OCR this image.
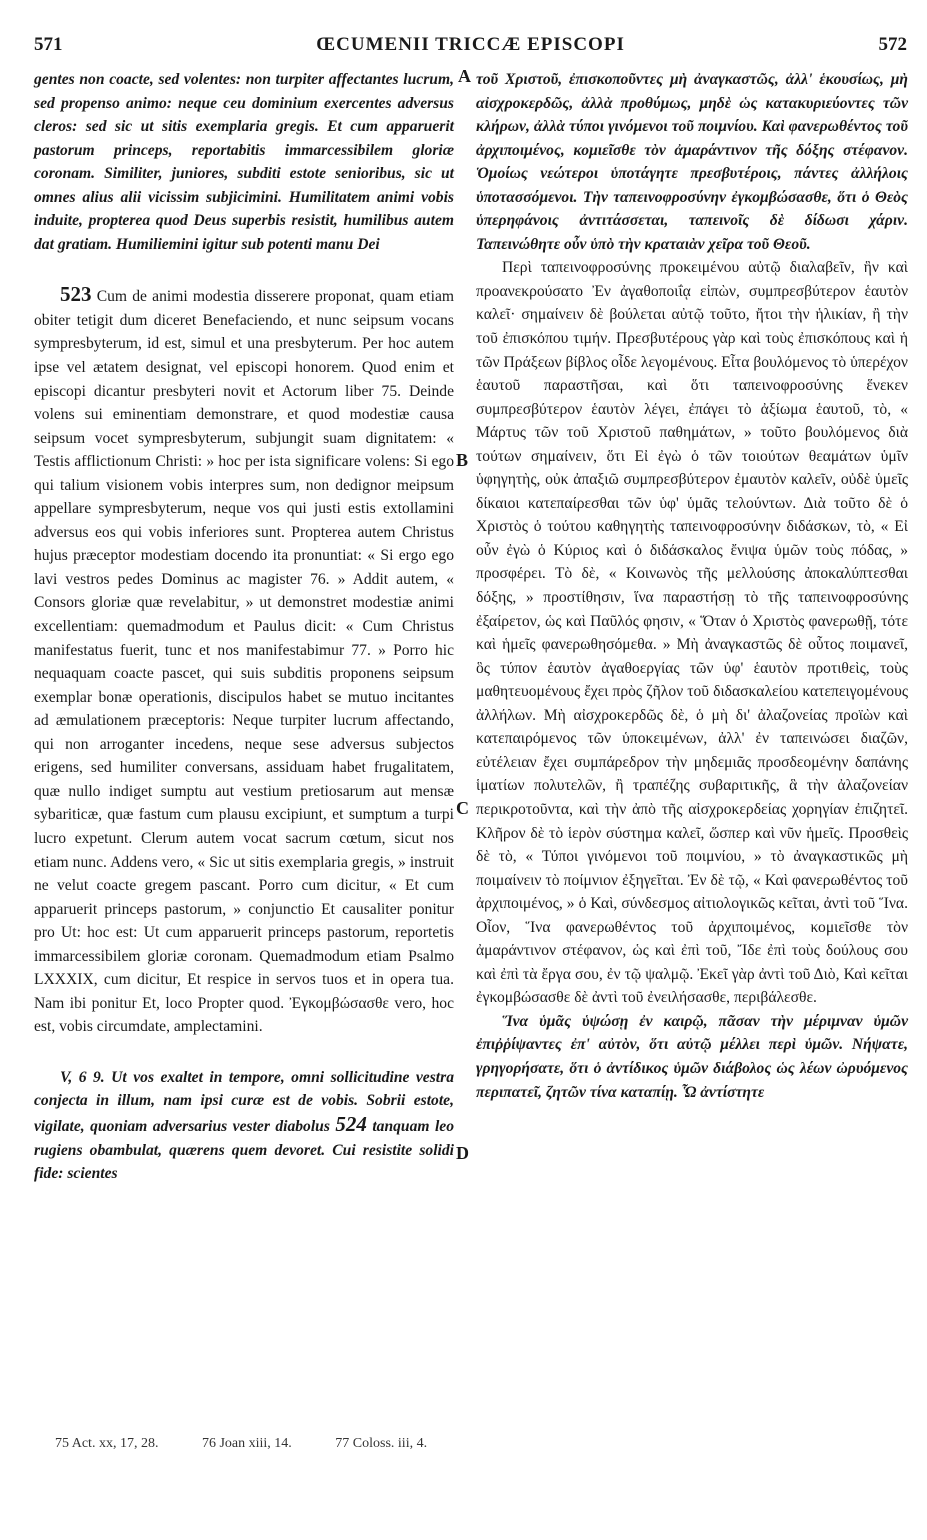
571	ŒCUMENII TRICCÆ EPISCOPI	572

gentes non coacte, sed volentes: non turpiter affectantes lucrum, sed propenso animo: neque ceu dominium exercentes adversus cleros: sed sic ut sitis exemplaria gregis. Et cum apparuerit pastorum princeps, reportabitis immarcessibilem gloriæ coronam. Similiter, juniores, subditi estote senioribus, sic ut omnes alius alii vicissim subjicimini. Humilitatem animi vobis induite, propterea quod Deus superbis resistit, humilibus autem dat gratiam. Humiliemini igitur sub potenti manu Dei

523 Cum de animi modestia disserere proponat, quam etiam obiter tetigit dum diceret Benefaciendo, et nunc seipsum vocans sympresbyterum, id est, simul et una presbyterum. Per hoc autem ipse vel ætatem designat, vel episcopi honorem. Quod enim et episcopi dicantur presbyteri novit et Actorum liber 75. Deinde volens sui eminentiam demonstrare, et quod modestiæ causa seipsum vocet sympresbyterum, subjungit suam dignitatem: « Testis afflictionum Christi: » hoc per ista significare volens: Si ego qui talium visionem vobis interpres sum, non dedignor meipsum appellare sympresbyterum, neque vos qui justi estis extollamini adversus eos qui vobis inferiores sunt. Propterea autem Christus hujus præceptor modestiam docendo ita pronuntiat: « Si ergo ego lavi vestros pedes Dominus ac magister 76. » Addit autem, « Consors gloriæ quæ revelabitur, » ut demonstret modestiæ animi excellentiam: quemadmodum et Paulus dicit: « Cum Christus manifestatus fuerit, tunc et nos manifestabimur 77. » Porro hic nequaquam coacte pascet, qui suis subditis proponens seipsum exemplar bonæ operationis, discipulos habet se mutuo incitantes ad æmulationem præceptoris: Neque turpiter lucrum affectando, qui non arroganter incedens, neque sese adversus subjectos erigens, sed humiliter conversans, assiduam habet frugalitatem, quæ nullo indiget sumptu aut vestium pretiosarum aut mensæ sybariticæ, quæ fastum cum plausu excipiunt, et sumptum a turpi lucro expetunt. Clerum autem vocat sacrum cœtum, sicut nos etiam nunc. Addens vero, « Sic ut sitis exemplaria gregis, » instruit ne velut coacte gregem pascant. Porro cum dicitur, « Et cum apparuerit princeps pastorum, » conjunctio Et causaliter ponitur pro Ut: hoc est: Ut cum apparuerit princeps pastorum, reportetis immarcessibilem gloriæ coronam. Quemadmodum etiam Psalmo LXXXIX, cum dicitur, Et respice in servos tuos et in opera tua. Nam ibi ponitur Et, loco Propter quod. Ἐγκομβώσασθε vero, hoc est, vobis circumdate, amplectamini.

V, 6 9. Ut vos exaltet in tempore, omni sollicitudine vestra conjecta in illum, nam ipsi curæ est de vobis. Sobrii estote, vigilate, quoniam adversarius vester diabolus 524 tanquam leo rugiens obambulat, quærens quem devoret. Cui resistite solidi fide: scientes

A
B
C
D

τοῦ Χριστοῦ, ἐπισκοποῦντες μὴ ἀναγκαστῶς, ἀλλ' ἑκουσίως, μὴ αἰσχροκερδῶς, ἀλλὰ προθύμως, μηδὲ ὡς κατακυριεύοντες τῶν κλήρων, ἀλλὰ τύποι γινόμενοι τοῦ ποιμνίου. Καὶ φανερωθέντος τοῦ ἀρχιποιμένος, κομιεῖσθε τὸν ἀμαράντινον τῆς δόξης στέφανον. Ὁμοίως νεώτεροι ὑποτάγητε πρεσβυτέροις, πάντες ἀλλήλοις ὑποτασσόμενοι. Τὴν ταπεινοφροσύνην ἐγκομβώσασθε, ὅτι ὁ Θεὸς ὑπερηφάνοις ἀντιτάσσεται, ταπεινοῖς δὲ δίδωσι χάριν. Ταπεινώθητε οὖν ὑπὸ τὴν κραταιὰν χεῖρα τοῦ Θεοῦ.

Περὶ ταπεινοφροσύνης προκειμένου αὐτῷ διαλαβεῖν, ἣν καὶ προανεκρούσατο Ἐν ἀγαθοποιΐᾳ εἰπὼν, συμπρεσβύτερον ἑαυτὸν καλεῖ· σημαίνειν δὲ βούλεται αὐτῷ τοῦτο, ἤτοι τὴν ἡλικίαν, ἢ τὴν τοῦ ἐπισκόπου τιμήν. Πρεσβυτέρους γὰρ καὶ τοὺς ἐπισκόπους καὶ ἡ τῶν Πράξεων βίβλος οἶδε λεγομένους. Εἶτα βουλόμενος τὸ ὑπερέχον ἑαυτοῦ παραστῆσαι, καὶ ὅτι ταπεινοφροσύνης ἕνεκεν συμπρεσβύτερον ἑαυτὸν λέγει, ἐπάγει τὸ ἀξίωμα ἑαυτοῦ, τὸ, « Μάρτυς τῶν τοῦ Χριστοῦ παθημάτων, » τοῦτο βουλόμενος διὰ τούτων σημαίνειν, ὅτι Εἰ ἐγὼ ὁ τῶν τοιούτων θεαμάτων ὑμῖν ὑφηγητὴς, οὐκ ἀπαξιῶ συμπρεσβύτερον ἐμαυτὸν καλεῖν, οὐδὲ ὑμεῖς δίκαιοι κατεπαίρεσθαι τῶν ὑφ' ὑμᾶς τελούντων. Διὰ τοῦτο δὲ ὁ Χριστὸς ὁ τούτου καθηγητὴς ταπεινοφροσύνην διδάσκων, τὸ, « Εἰ οὖν ἐγὼ ὁ Κύριος καὶ ὁ διδάσκαλος ἔνιψα ὑμῶν τοὺς πόδας, » προσφέρει. Τὸ δὲ, « Κοινωνὸς τῆς μελλούσης ἀποκαλύπτεσθαι δόξης, » προστίθησιν, ἵνα παραστήσῃ τὸ τῆς ταπεινοφροσύνης ἐξαίρετον, ὡς καὶ Παῦλός φησιν, « Ὅταν ὁ Χριστὸς φανερωθῇ, τότε καὶ ἡμεῖς φανερωθησόμεθα. » Μὴ ἀναγκαστῶς δὲ οὗτος ποιμανεῖ, ὃς τύπον ἑαυτὸν ἀγαθοεργίας τῶν ὑφ' ἑαυτὸν προτιθεὶς, τοὺς μαθητευομένους ἔχει πρὸς ζῆλον τοῦ διδασκαλείου κατεπειγομένους ἀλλήλων. Μὴ αἰσχροκερδῶς δὲ, ὁ μὴ δι' ἀλαζονείας προϊὼν καὶ κατεπαιρόμενος τῶν ὑποκειμένων, ἀλλ' ἐν ταπεινώσει διαζῶν, εὐτέλειαν ἔχει συμπάρεδρον τὴν μηδεμιᾶς προσδεομένην δαπάνης ἱματίων πολυτελῶν, ἢ τραπέζης συβαριτικῆς, ἃ τὴν ἀλαζονείαν περικροτοῦντα, καὶ τὴν ἀπὸ τῆς αἰσχροκερδείας χορηγίαν ἐπιζητεῖ. Κλῆρον δὲ τὸ ἱερὸν σύστημα καλεῖ, ὥσπερ καὶ νῦν ἡμεῖς. Προσθεὶς δὲ τὸ, « Τύποι γινόμενοι τοῦ ποιμνίου, » τὸ ἀναγκαστικῶς μὴ ποιμαίνειν τὸ ποίμνιον ἐξηγεῖται. Ἐν δὲ τῷ, « Καὶ φανερωθέντος τοῦ ἀρχιποιμένος, » ὁ Καὶ, σύνδεσμος αἰτιολογικῶς κεῖται, ἀντὶ τοῦ Ἵνα. Οἷον, Ἵνα φανερωθέντος τοῦ ἀρχιποιμένος, κομιεῖσθε τὸν ἀμαράντινον στέφανον, ὡς καὶ ἐπὶ τοῦ, Ἴδε ἐπὶ τοὺς δούλους σου καὶ ἐπὶ τὰ ἔργα σου, ἐν τῷ ψαλμῷ. Ἐκεῖ γὰρ ἀντὶ τοῦ Διὸ, Καὶ κεῖται ἐγκομβώσασθε δὲ ἀντὶ τοῦ ἐνειλήσασθε, περιβάλεσθε.

Ἵνα ὑμᾶς ὑψώσῃ ἐν καιρῷ, πᾶσαν τὴν μέριμναν ὑμῶν ἐπιῤῥίψαντες ἐπ' αὐτὸν, ὅτι αὐτῷ μέλλει περὶ ὑμῶν. Νήψατε, γρηγορήσατε, ὅτι ὁ ἀντίδικος ὑμῶν διάβολος ὡς λέων ὠρυόμενος περιπατεῖ, ζητῶν τίνα καταπίῃ. Ὧ ἀντίστητε

75 Act. xx, 17, 28.	76 Joan xiii, 14.	77 Coloss. iii, 4.
